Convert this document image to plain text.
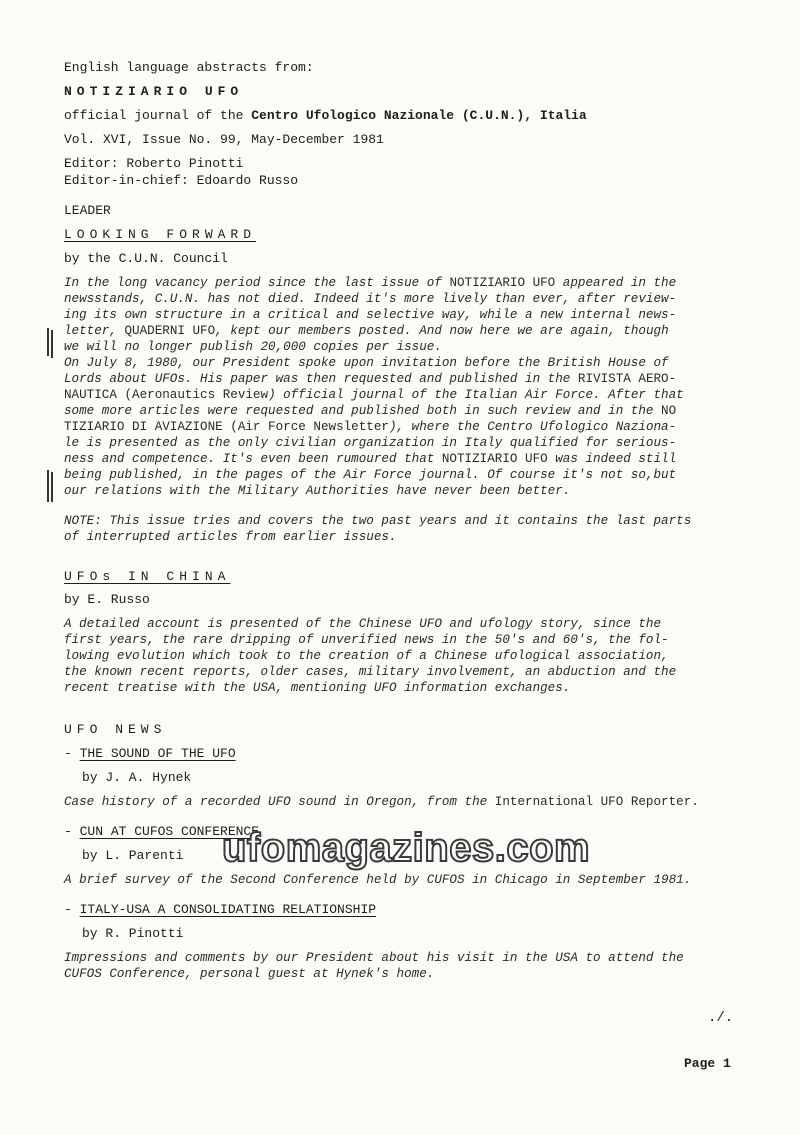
English language abstracts from:
NOTIZIARIO UFO
official journal of the Centro Ufologico Nazionale (C.U.N.), Italia
Vol. XVI, Issue No. 99, May-December 1981
Editor: Roberto Pinotti
Editor-in-chief: Edoardo Russo
LEADER
LOOKING FORWARD
by the C.U.N. Council
In the long vacancy period since the last issue of NOTIZIARIO UFO appeared in the
newsstands, C.U.N. has not died. Indeed it's more lively than ever, after review-
ing its own structure in a critical and selective way, while a new internal news-
letter, QUADERNI UFO, kept our members posted. And now here we are again, though
we will no longer publish 20,000 copies per issue.
On July 8, 1980, our President spoke upon invitation before the British House of
Lords about UFOs. His paper was then requested and published in the RIVISTA AERO-
NAUTICA (Aeronautics Review) official journal of the Italian Air Force. After that
some more articles were requested and published both in such review and in the NO
TIZIARIO DI AVIAZIONE (Air Force Newsletter), where the Centro Ufologico Naziona-
le is presented as the only civilian organization in Italy qualified for serious-
ness and competence. It's even been rumoured that NOTIZIARIO UFO was indeed still
being published, in the pages of the Air Force journal. Of course it's not so,but
our relations with the Military Authorities have never been better.
NOTE: This issue tries and covers the two past years and it contains the last parts
of interrupted articles from earlier issues.
UFOs IN CHINA
by E. Russo
A detailed account is presented of the Chinese UFO and ufology story, since the
first years, the rare dripping of unverified news in the 50's and 60's, the fol-
lowing evolution which took to the creation of a Chinese ufological association,
the known recent reports, older cases, military involvement, an abduction and the
recent treatise with the USA, mentioning UFO information exchanges.
UFO NEWS
- THE SOUND OF THE UFO
by J. A. Hynek
Case history of a recorded UFO sound in Oregon, from the International UFO Reporter.
- CUN AT CUFOS CONFERENCE
by L. Parenti
A brief survey of the Second Conference held by CUFOS in Chicago in September 1981.
- ITALY-USA A CONSOLIDATING RELATIONSHIP
by R. Pinotti
Impressions and comments by our President about his visit in the USA to attend the
CUFOS Conference, personal guest at Hynek's home.
ufomagazines.com
./.
Page 1
